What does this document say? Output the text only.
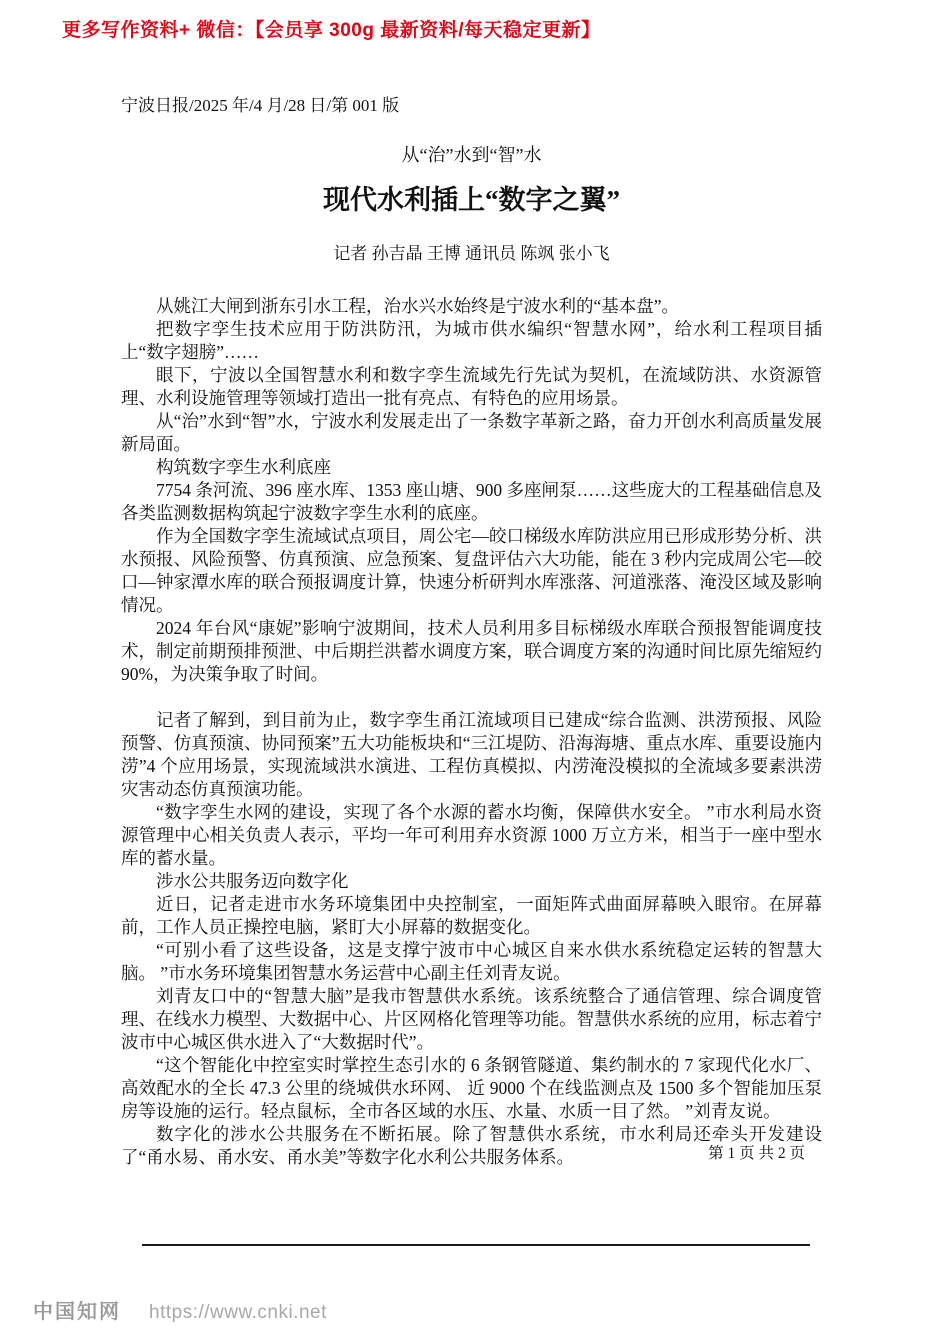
更多写作资料+ 微信：【会员享 300g 最新资料/每天稳定更新】
宁波日报/2025 年/4 月/28 日/第 001 版
从“治”水到“智”水
现代水利插上“数字之翼”
记者 孙吉晶 王博 通讯员 陈飒 张小飞

从姚江大闸到浙东引水工程，治水兴水始终是宁波水利的“基本盘”。

把数字孪生技术应用于防洪防汛，为城市供水编织“智慧水网”，给水利工程项目插上“数字翅膀”……

眼下，宁波以全国智慧水利和数字孪生流域先行先试为契机，在流域防洪、水资源管理、水利设施管理等领域打造出一批有亮点、有特色的应用场景。

从“治”水到“智”水，宁波水利发展走出了一条数字革新之路，奋力开创水利高质量发展新局面。

构筑数字孪生水利底座

7754 条河流、396 座水库、1353 座山塘、900 多座闸泵……这些庞大的工程基础信息及各类监测数据构筑起宁波数字孪生水利的底座。

作为全国数字孪生流域试点项目，周公宅—皎口梯级水库防洪应用已形成形势分析、洪水预报、风险预警、仿真预演、应急预案、复盘评估六大功能，能在 3 秒内完成周公宅—皎口—钟家潭水库的联合预报调度计算，快速分析研判水库涨落、河道涨落、淹没区域及影响情况。

2024 年台风“康妮”影响宁波期间，技术人员利用多目标梯级水库联合预报智能调度技术，制定前期预排预泄、中后期拦洪蓄水调度方案，联合调度方案的沟通时间比原先缩短约 90%，为决策争取了时间。

记者了解到，到目前为止，数字孪生甬江流域项目已建成“综合监测、洪涝预报、风险预警、仿真预演、协同预案”五大功能板块和“三江堤防、沿海海塘、重点水库、重要设施内涝”4 个应用场景，实现流域洪水演进、工程仿真模拟、内涝淹没模拟的全流域多要素洪涝灾害动态仿真预演功能。

“数字孪生水网的建设，实现了各个水源的蓄水均衡，保障供水安全。 ”市水利局水资源管理中心相关负责人表示，平均一年可利用弃水资源 1000 万立方米，相当于一座中型水库的蓄水量。

涉水公共服务迈向数字化

近日，记者走进市水务环境集团中央控制室，一面矩阵式曲面屏幕映入眼帘。在屏幕前，工作人员正操控电脑，紧盯大小屏幕的数据变化。

“可别小看了这些设备，这是支撑宁波市中心城区自来水供水系统稳定运转的智慧大脑。 ”市水务环境集团智慧水务运营中心副主任刘青友说。

刘青友口中的“智慧大脑”是我市智慧供水系统。该系统整合了通信管理、综合调度管理、在线水力模型、大数据中心、片区网格化管理等功能。智慧供水系统的应用，标志着宁波市中心城区供水进入了“大数据时代”。

“这个智能化中控室实时掌控生态引水的 6 条钢管隧道、集约制水的 7 家现代化水厂、高效配水的全长 47.3 公里的绕城供水环网、 近 9000 个在线监测点及 1500 多个智能加压泵房等设施的运行。轻点鼠标，全市各区域的水压、水量、水质一目了然。 ”刘青友说。

数字化的涉水公共服务在不断拓展。除了智慧供水系统，市水利局还牵头开发建设了“甬水易、甬水安、甬水美”等数字化水利公共服务体系。	第 1 页 共 2 页
中国知网 https://www.cnki.net
